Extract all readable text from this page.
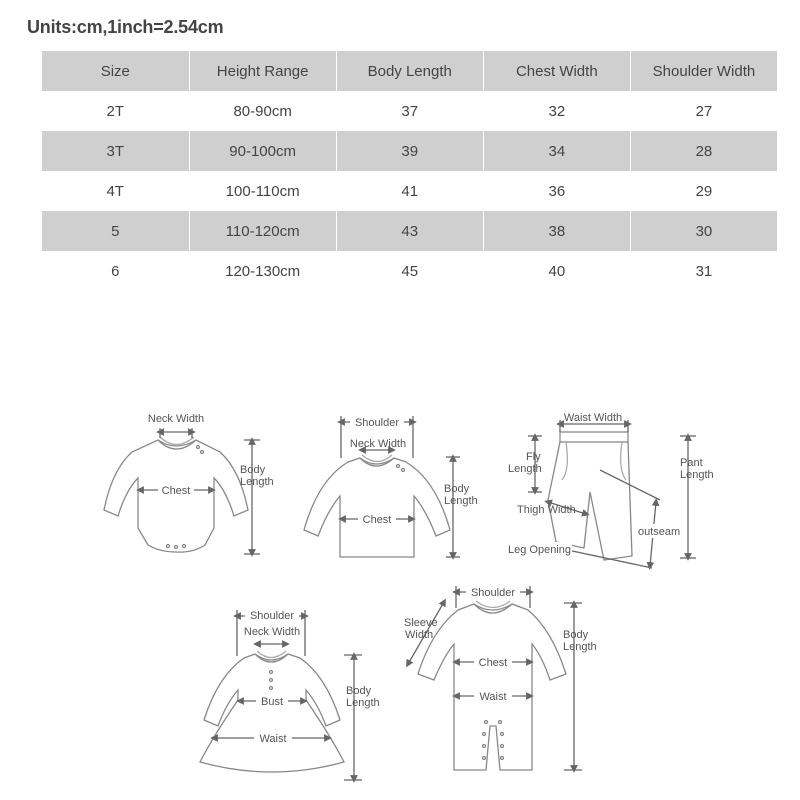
Units:cm,1inch=2.54cm
Size	Height Range	Body Length	Chest Width	Shoulder Width
2T	80-90cm	37	32	27
3T	90-100cm	39	34	28
4T	100-110cm	41	36	29
5	110-120cm	43	38	30
6	120-130cm	45	40	31
Neck Width
Chest
Body
Length
Shoulder
Neck Width
Chest
Body
Length
Waist Width
Fly
Length	Pant
Length
Thigh Width
outseam
Leg Opening
Shoulder
Neck Width
Bust
Waist
Body
Length
Shoulder
Sleeve
Width
Chest
Waist
Body
Length
